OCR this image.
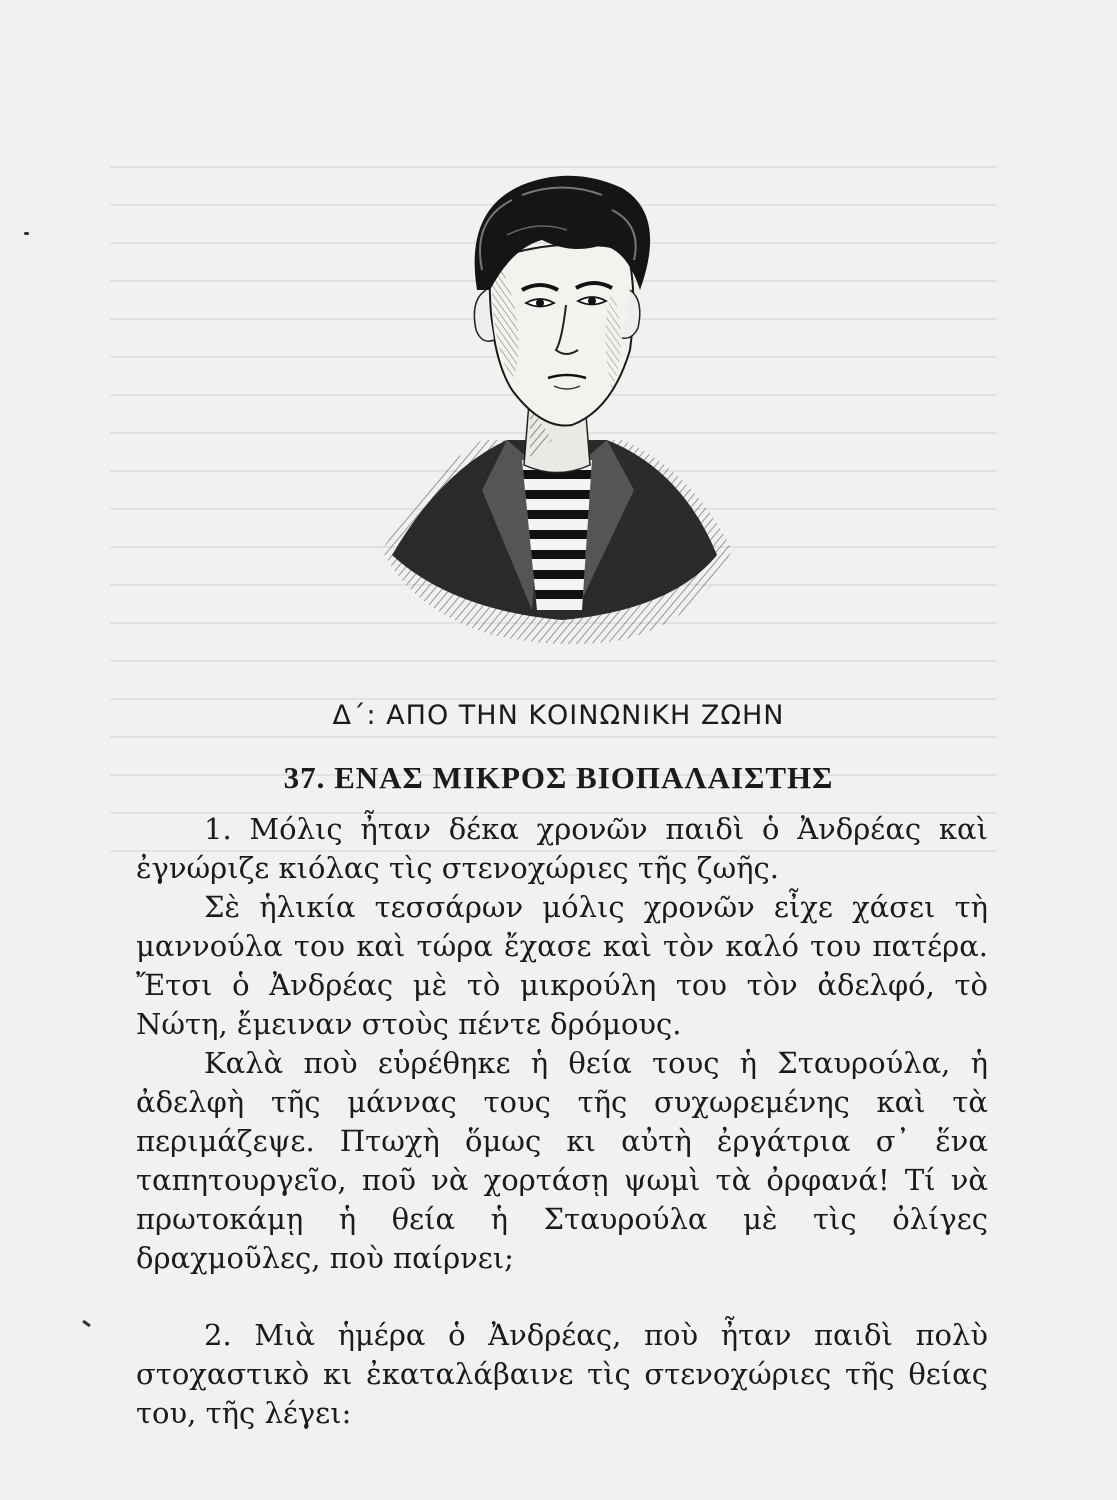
Δ΄: ΑΠΟ ΤΗΝ ΚΟΙΝΩΝΙΚΗ ΖΩΗΝ
37. ΕΝΑΣ ΜΙΚΡΟΣ ΒΙΟΠΑΛΑΙΣΤΗΣ

1. Μόλις ἦταν δέκα χρονῶν παιδὶ ὁ Ἀνδρέας καὶ ἐγνώριζε κιόλας τὶς στενοχώριες τῆς ζωῆς.

Σὲ ἡλικία τεσσάρων μόλις χρονῶν εἶχε χάσει τὴ μαννούλα του καὶ τώρα ἔχασε καὶ τὸν καλό του πατέρα. Ἔτσι ὁ Ἀνδρέας μὲ τὸ μικρούλη του τὸν ἀδελφό, τὸ Νώτη, ἔμειναν στοὺς πέντε δρόμους.

Καλὰ ποὺ εὑρέθηκε ἡ θεία τους ἡ Σταυρούλα, ἡ ἀδελφὴ τῆς μάννας τους τῆς συχωρεμένης καὶ τὰ περιμάζεψε. Πτωχὴ ὅμως κι αὐτὴ ἐργάτρια σ᾿ ἕνα ταπητουργεῖο, ποῦ νὰ χορτάσῃ ψωμὶ τὰ ὀρφανά! Τί νὰ πρωτοκάμῃ ἡ θεία ἡ Σταυρούλα μὲ τὶς ὀλίγες δραχμοῦλες, ποὺ παίρνει;

2. Μιὰ ἡμέρα ὁ Ἀνδρέας, ποὺ ἦταν παιδὶ πολὺ στοχαστικὸ κι ἐκαταλάβαινε τὶς στενοχώριες τῆς θείας του, τῆς λέγει:
